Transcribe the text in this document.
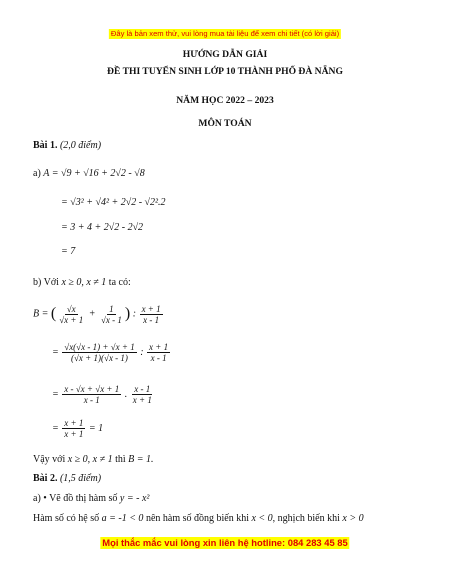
Đây là bản xem thử, vui lòng mua tài liệu để xem chi tiết (có lời giải)
HƯỚNG DẪN GIẢI
ĐỀ THI TUYỂN SINH LỚP 10 THÀNH PHỐ ĐÀ NẴNG
NĂM HỌC 2022 – 2023
MÔN TOÁN
Bài 1. (2,0 điểm)
a) A = √9 + √16 + 2√2 - √8
= √3² + √4² + 2√2 - √2².2
= 3 + 4 + 2√2 - 2√2
= 7
b) Với x ≥ 0, x ≠ 1 ta có:
B = ( $\frac{√x}{√x + 1} + \frac{1}{√x - 1}$ ) : $\frac{x + 1}{x - 1}$
= $\frac{√x(√x - 1) + √x + 1}{(√x + 1)(√x - 1)}$ : $\frac{x + 1}{x - 1}$
= $\frac{x - √x + √x + 1}{x - 1}$ . $\frac{x - 1}{x + 1}$
= $\frac{x + 1}{x + 1} = 1$
Vậy với x ≥ 0, x ≠ 1 thì B = 1.
Bài 2. (1,5 điểm)
a) • Vẽ đồ thị hàm số y = - x²
Hàm số có hệ số a = -1 < 0 nên hàm số đồng biến khi x < 0, nghịch biến khi x > 0
Mọi thắc mắc vui lòng xin liên hệ hotline: 084 283 45 85
